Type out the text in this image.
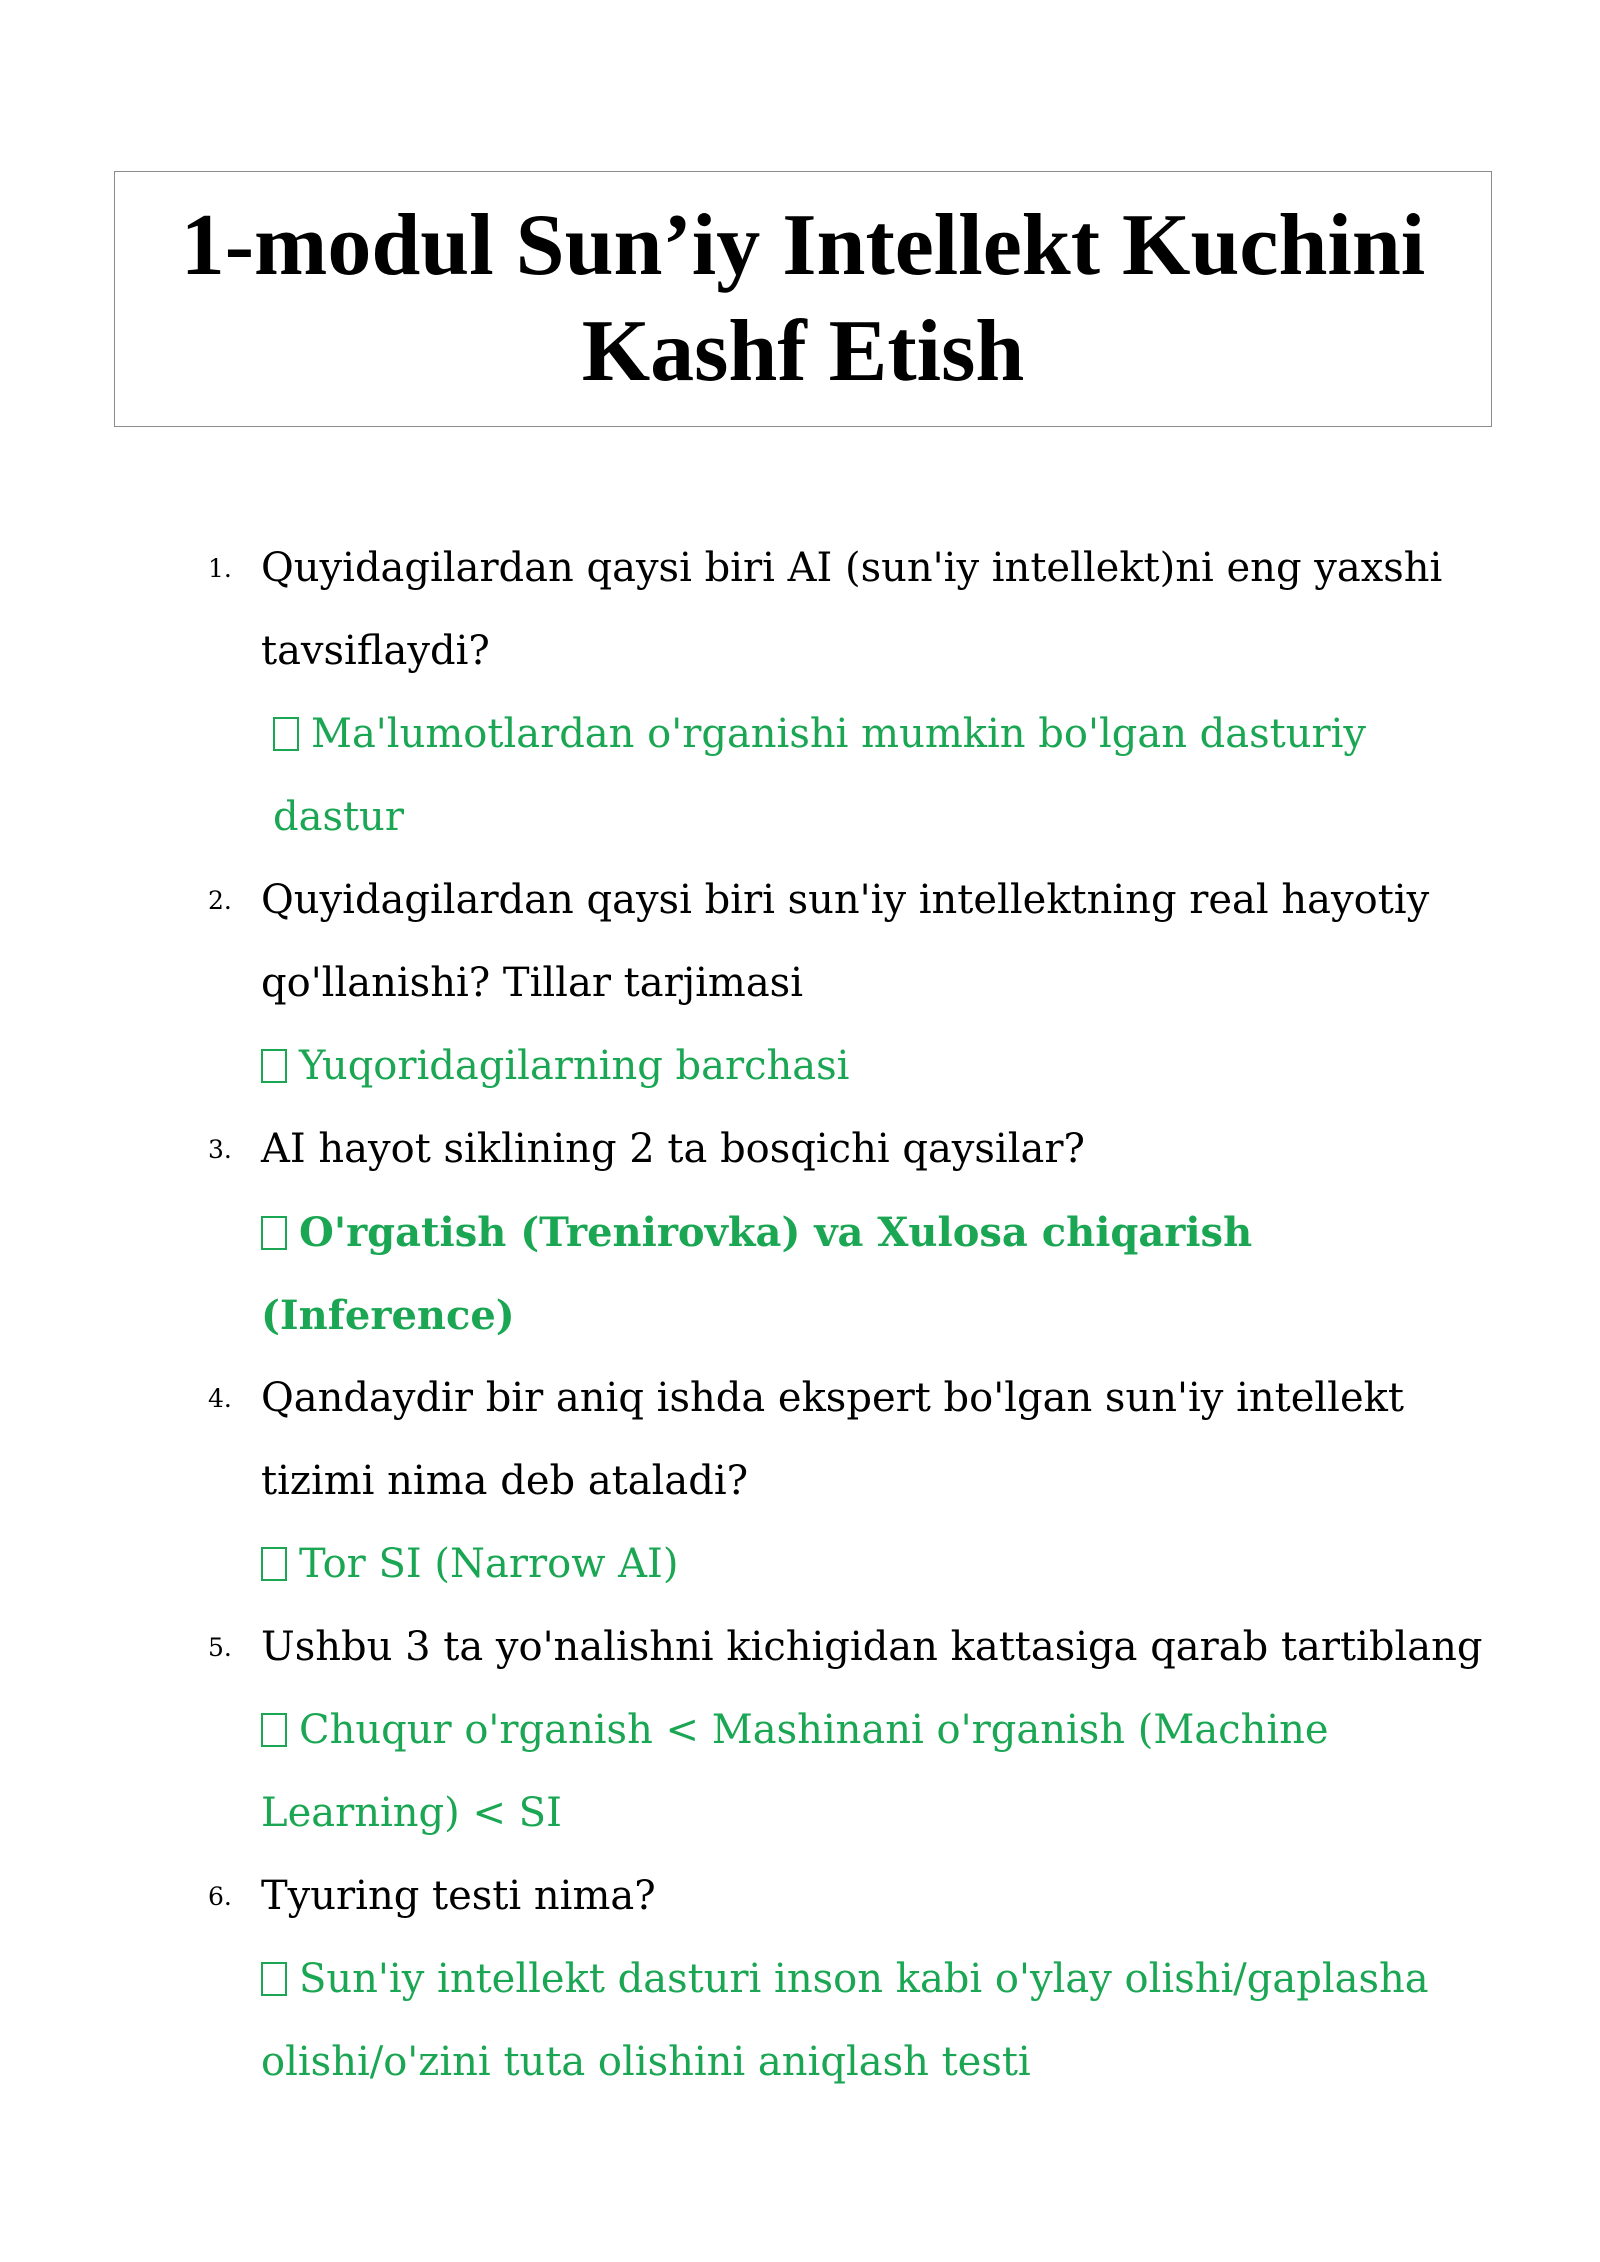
1-modul Sun’iy Intellekt Kuchini
Kashf Etish
1. Quyidagilardan qaysi biri AI (sun'iy intellekt)ni eng yaxshi tavsiflaydi?
Ma'lumotlardan o'rganishi mumkin bo'lgan dasturiy dastur
2. Quyidagilardan qaysi biri sun'iy intellektning real hayotiy qo'llanishi? Tillar tarjimasi
Yuqoridagilarning barchasi
3. AI hayot siklining 2 ta bosqichi qaysilar?
O'rgatish (Trenirovka) va Xulosa chiqarish (Inference)
4. Qandaydir bir aniq ishda ekspert bo'lgan sun'iy intellekt tizimi nima deb ataladi?
Tor SI (Narrow AI)
5. Ushbu 3 ta yo'nalishni kichigidan kattasiga qarab tartiblang
Chuqur o'rganish < Mashinani o'rganish (Machine Learning) < SI
6. Tyuring testi nima?
Sun'iy intellekt dasturi inson kabi o'ylay olishi/gaplasha olishi/o'zini tuta olishini aniqlash testi
